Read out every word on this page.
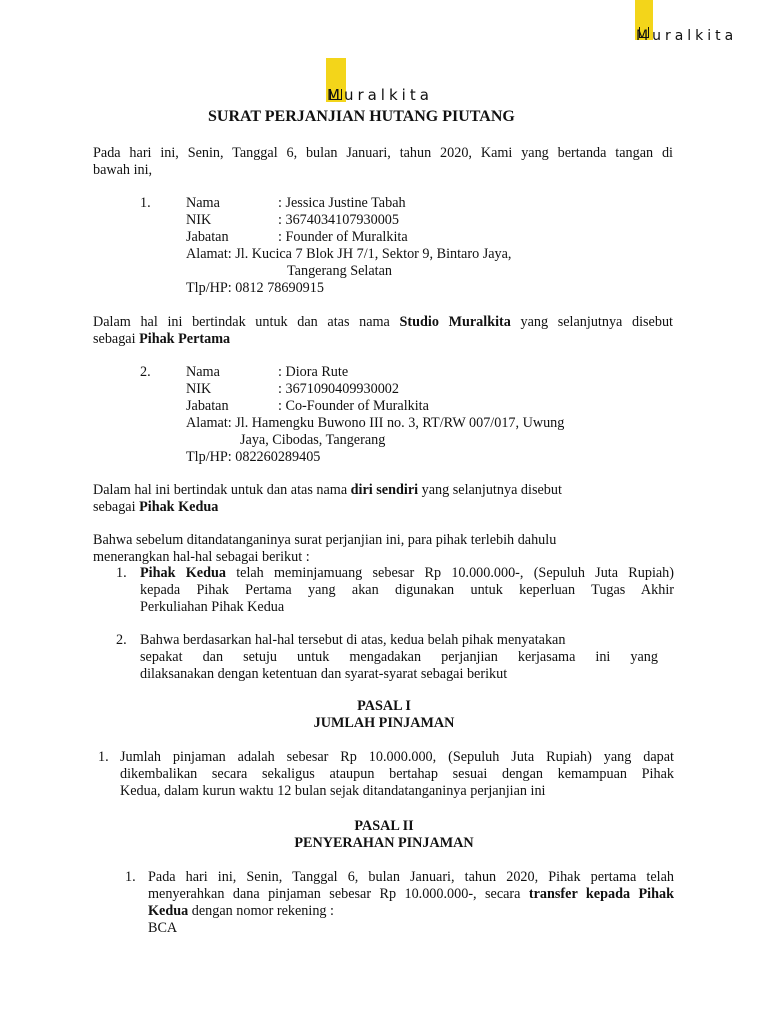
Muralkita
Muralkita
SURAT PERJANJIAN HUTANG PIUTANG
Pada hari ini, Senin, Tanggal 6, bulan Januari, tahun 2020, Kami yang bertanda tangan di
bawah ini,
1. Nama	: Jessica Justine Tabah
NIK	: 3674034107930005
Jabatan	: Founder of Muralkita
Alamat: Jl. Kucica 7 Blok JH 7/1, Sektor 9, Bintaro Jaya,
Tangerang Selatan
Tlp/HP: 0812 78690915
Dalam hal ini bertindak untuk dan atas nama Studio Muralkita yang selanjutnya disebut
sebagai Pihak Pertama
2. Nama	: Diora Rute
NIK	: 3671090409930002
Jabatan	: Co-Founder of Muralkita
Alamat: Jl. Hamengku Buwono III no. 3, RT/RW 007/017, Uwung
Jaya, Cibodas, Tangerang
Tlp/HP: 082260289405
Dalam hal ini bertindak untuk dan atas nama diri sendiri yang selanjutnya disebut
sebagai Pihak Kedua
Bahwa sebelum ditandatanganinya surat perjanjian ini, para pihak terlebih dahulu
menerangkan hal-hal sebagai berikut :
1. Pihak Kedua telah meminjamuang sebesar Rp 10.000.000-, (Sepuluh Juta Rupiah)
kepada Pihak Pertama yang akan digunakan untuk keperluan Tugas Akhir
Perkuliahan Pihak Kedua
2. Bahwa berdasarkan hal-hal tersebut di atas, kedua belah pihak menyatakan
sepakat dan setuju untuk mengadakan perjanjian kerjasama ini yang
dilaksanakan dengan ketentuan dan syarat-syarat sebagai berikut
PASAL I
JUMLAH PINJAMAN
1. Jumlah pinjaman adalah sebesar Rp 10.000.000, (Sepuluh Juta Rupiah) yang dapat
dikembalikan secara sekaligus ataupun bertahap sesuai dengan kemampuan Pihak
Kedua, dalam kurun waktu 12 bulan sejak ditandatanganinya perjanjian ini
PASAL II
PENYERAHAN PINJAMAN
1. Pada hari ini, Senin, Tanggal 6, bulan Januari, tahun 2020, Pihak pertama telah
menyerahkan dana pinjaman sebesar Rp 10.000.000-, secara transfer kepada Pihak
Kedua dengan nomor rekening :
BCA
